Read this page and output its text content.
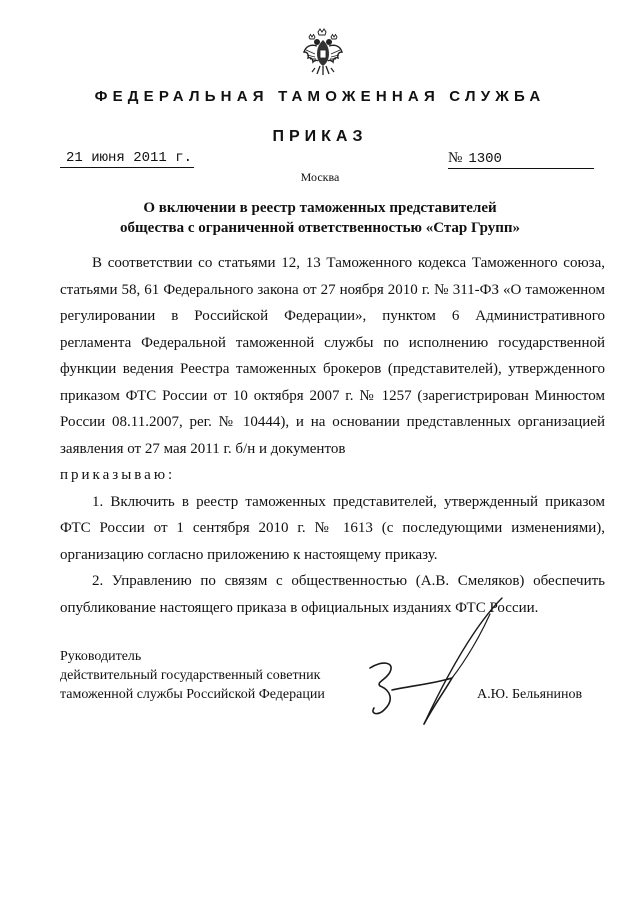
ФЕДЕРАЛЬНАЯ ТАМОЖЕННАЯ СЛУЖБА
ПРИКАЗ
21 июня 2011 г.	№ 1300
Москва
О включении в реестр таможенных представителей
общества с ограниченной ответственностью «Стар Групп»

В соответствии со статьями 12, 13 Таможенного кодекса Таможенного союза, статьями 58, 61 Федерального закона от 27 ноября 2010 г. № 311-ФЗ «О таможенном регулировании в Российской Федерации», пунктом 6 Административного регламента Федеральной таможенной службы по исполнению государственной функции ведения Реестра таможенных брокеров (представителей), утвержденного приказом ФТС России от 10 октября 2007 г. № 1257 (зарегистрирован Минюстом России 08.11.2007, рег. № 10444), и на основании представленных организацией заявления от 27 мая 2011 г. б/н и документов

приказываю:

1. Включить в реестр таможенных представителей, утвержденный приказом ФТС России от 1 сентября 2010 г. № 1613 (с последующими изменениями), организацию согласно приложению к настоящему приказу.

2. Управлению по связям с общественностью (А.В. Смеляков) обеспечить опубликование настоящего приказа в официальных изданиях ФТС России.

Руководитель
действительный государственный советник
таможенной службы Российской Федерации	А.Ю. Бельянинов
